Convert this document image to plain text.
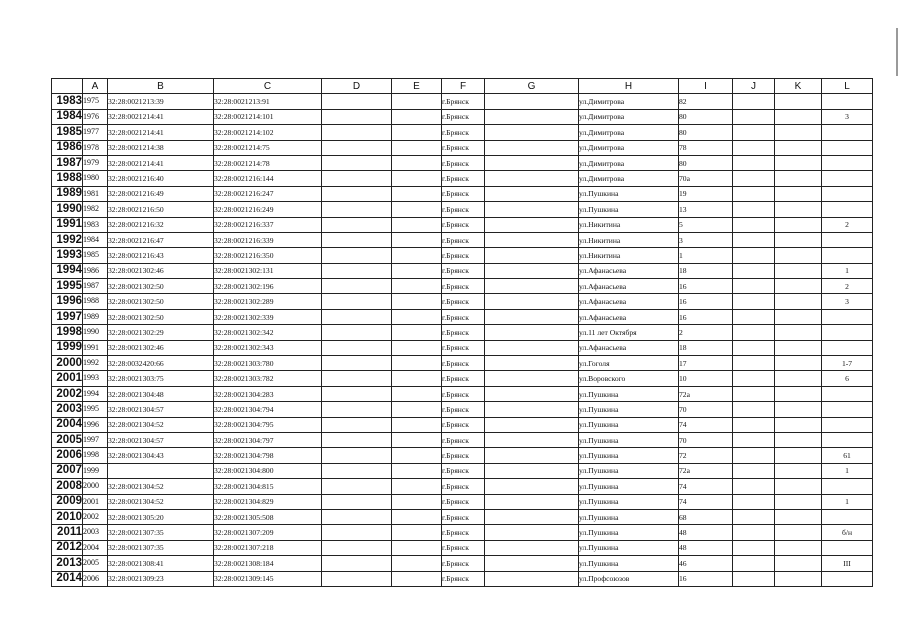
	A	B	C	D	E	F	G	H	I	J	K	L
1983	1975	32:28:0021213:39	32:28:0021213:91			г.Брянск		ул.Димитрова	82			
1984	1976	32:28:0021214:41	32:28:0021214:101			г.Брянск		ул.Димитрова	80			3
1985	1977	32:28:0021214:41	32:28:0021214:102			г.Брянск		ул.Димитрова	80			
1986	1978	32:28:0021214:38	32:28:0021214:75			г.Брянск		ул.Димитрова	78			
1987	1979	32:28:0021214:41	32:28:0021214:78			г.Брянск		ул.Димитрова	80			
1988	1980	32:28:0021216:40	32:28:0021216:144			г.Брянск		ул.Димитрова	70а			
1989	1981	32:28:0021216:49	32:28:0021216:247			г.Брянск		ул.Пушкина	19			
1990	1982	32:28:0021216:50	32:28:0021216:249			г.Брянск		ул.Пушкина	13			
1991	1983	32:28:0021216:32	32:28:0021216:337			г.Брянск		ул.Никитина	5			2
1992	1984	32:28:0021216:47	32:28:0021216:339			г.Брянск		ул.Никитина	3			
1993	1985	32:28:0021216:43	32:28:0021216:350			г.Брянск		ул.Никитина	1			
1994	1986	32:28:0021302:46	32:28:0021302:131			г.Брянск		ул.Афанасьева	18			1
1995	1987	32:28:0021302:50	32:28:0021302:196			г.Брянск		ул.Афанасьева	16			2
1996	1988	32:28:0021302:50	32:28:0021302:289			г.Брянск		ул.Афанасьева	16			3
1997	1989	32:28:0021302:50	32:28:0021302:339			г.Брянск		ул.Афанасьева	16			
1998	1990	32:28:0021302:29	32:28:0021302:342			г.Брянск		ул.11 лет Октября	2			
1999	1991	32:28:0021302:46	32:28:0021302:343			г.Брянск		ул.Афанасьева	18			
2000	1992	32:28:0032420:66	32:28:0021303:780			г.Брянск		ул.Гоголя	17			1-7
2001	1993	32:28:0021303:75	32:28:0021303:782			г.Брянск		ул.Воровского	10			6
2002	1994	32:28:0021304:48	32:28:0021304:283			г.Брянск		ул.Пушкина	72а			
2003	1995	32:28:0021304:57	32:28:0021304:794			г.Брянск		ул.Пушкина	70			
2004	1996	32:28:0021304:52	32:28:0021304:795			г.Брянск		ул.Пушкина	74			
2005	1997	32:28:0021304:57	32:28:0021304:797			г.Брянск		ул.Пушкина	70			
2006	1998	32:28:0021304:43	32:28:0021304:798			г.Брянск		ул.Пушкина	72			61
2007	1999		32:28:0021304:800			г.Брянск		ул.Пушкина	72а			1
2008	2000	32:28:0021304:52	32:28:0021304:815			г.Брянск		ул.Пушкина	74			
2009	2001	32:28:0021304:52	32:28:0021304:829			г.Брянск		ул.Пушкина	74			1
2010	2002	32:28:0021305:20	32:28:0021305:508			г.Брянск		ул.Пушкина	68			
2011	2003	32:28:0021307:35	32:28:0021307:209			г.Брянск		ул.Пушкина	48			б/н
2012	2004	32:28:0021307:35	32:28:0021307:218			г.Брянск		ул.Пушкина	48			
2013	2005	32:28:0021308:41	32:28:0021308:184			г.Брянск		ул.Пушкина	46			III
2014	2006	32:28:0021309:23	32:28:0021309:145			г.Брянск		ул.Профсоюзов	16			
